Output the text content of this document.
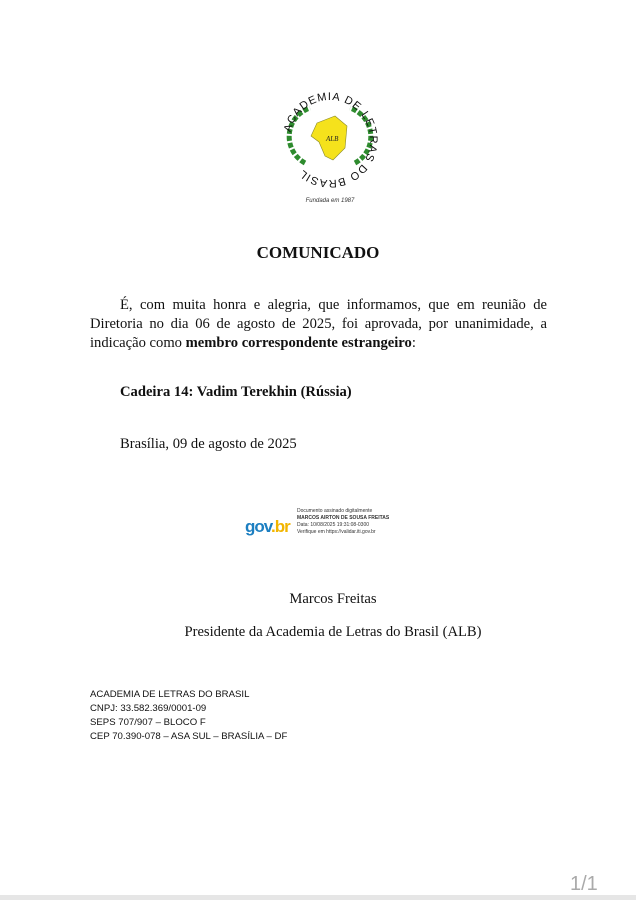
ALB
ACADEMIA DE LETRAS DO BRASIL
Fundada em 1987
COMUNICADO
É, com muita honra e alegria, que informamos, que em reunião de Diretoria no dia 06 de agosto de 2025, foi aprovada, por unanimidade, a indicação como membro correspondente estrangeiro:
Cadeira 14: Vadim Terekhin (Rússia)
Brasília, 09 de agosto de 2025
gov.br
Documento assinado digitalmente
MARCOS AIRTON DE SOUSA FREITAS
Data: 10/08/2025 19:31:08-0300
Verifique em https://validar.iti.gov.br
Marcos Freitas
Presidente da Academia de Letras do Brasil (ALB)
ACADEMIA DE LETRAS DO BRASIL
CNPJ: 33.582.369/0001-09
SEPS 707/907 – BLOCO F
CEP 70.390-078 – ASA SUL – BRASÍLIA – DF
1/1
